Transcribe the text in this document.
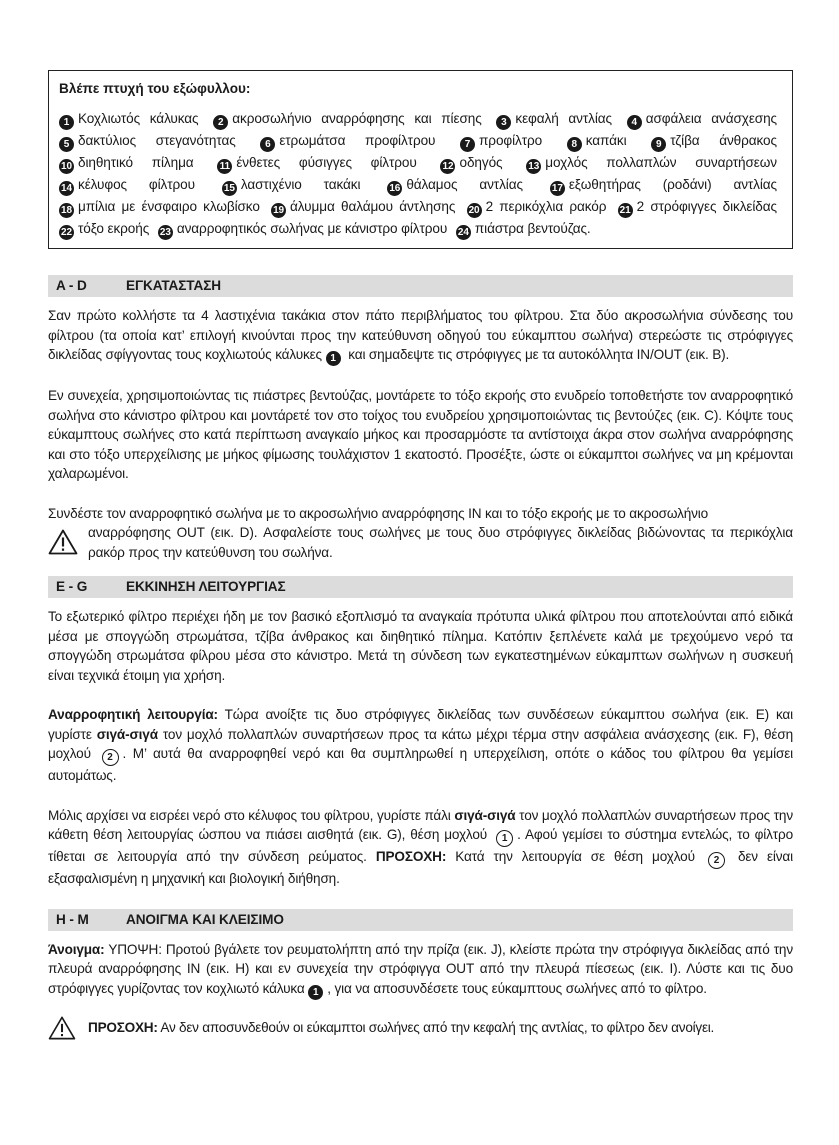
Βλέπε πτυχή του εξώφυλλου:
1 Κοχλιωτός κάλυκας 2 ακροσωλήνιο αναρρόφησης και πίεσης 3 κεφαλή αντλίας 4 ασφάλεια ανάσχεσης 5 δακτύλιος στεγανότητας	6 ετρωμάτσα προφίλτρου	7 προφίλτρο	8 καπάκι	9 τζίβα άνθρακος 10 διηθητικό πίλημα	11 ένθετες φύσιγγες φίλτρου	12 οδηγός	13 μοχλός πολλαπλών συναρτήσεων 14 κέλυφος φίλτρου	15 λαστιχένιο τακάκι	16 θάλαμος αντλίας	17 εξωθητήρας (ροδάνι) αντλίας 18 μπίλια με ένσφαιρο κλωβίσκο 19 άλυμμα θαλάμου άντλησης 20 2 περικόχλια ρακόρ 21 2 στρόφιγγες δικλείδας 22 τόξο εκροής 23 αναρροφητικός σωλήνας με κάνιστρο φίλτρου 24 πιάστρα βεντούζας.
A - D	ΕΓΚΑΤΑΣΤΑΣΗ

Σαν πρώτο κολλήστε τα 4 λαστιχένια τακάκια στον πάτο περιβλήματος του φίλτρου. Στα δύο ακροσωλήνια σύνδεσης του φίλτρου (τα οποία κατ’ επιλογή κινούνται προς την κατεύθυνση οδηγού του εύκαμπτου σωλήνα) στερεώστε τις στρόφιγγες δικλείδας σφίγγοντας τους κοχλιωτούς κάλυκες 1 και σημαδεψτε τις στρόφιγγες με τα αυτοκόλλητα IN/OUT (εικ. B).

Εν συνεχεία, χρησιμοποιώντας τις πιάστρες βεντούζας, μοντάρετε το τόξο εκροής στο ενυδρείο τοποθετήστε τον αναρροφητικό σωλήνα στο κάνιστρο φίλτρου και μοντάρετέ τον στο τοίχος του ενυδρείου χρησιμοποιώντας τις βεντούζες (εικ. C). Κόψτε τους εύκαμπτους σωλήνες στο κατά περίπτωση αναγκαίο μήκος και προσαρμόστε τα αντίστοιχα άκρα στον σωλήνα αναρρόφησης και στο τόξο υπερχείλισης με μήκος φίμωσης τουλάχιστον 1 εκατοστό. Προσέξτε, ώστε οι εύκαμπτοι σωλήνες να μη κρέμονται χαλαρωμένοι.

Συνδέστε τον αναρροφητικό σωλήνα με το ακροσωλήνιο αναρρόφησης IN και το τόξο εκροής με το ακροσωλήνιο

αναρρόφησης OUT (εικ. D). Ασφαλείστε τους σωλήνες με τους δυο στρόφιγγες δικλείδας βιδώνοντας τα περικόχλια ρακόρ προς την κατεύθυνση του σωλήνα.

E - G	ΕΚΚΙΝΗΣΗ ΛΕΙΤΟΥΡΓΙΑΣ

Το εξωτερικό φίλτρο περιέχει ήδη με τον βασικό εξοπλισμό τα αναγκαία πρότυπα υλικά φίλτρου που αποτελούνται από ειδικά μέσα με σπογγώδη στρωμάτσα, τζίβα άνθρακος και διηθητικό πίλημα. Κατόπιν ξεπλένετε καλά με τρεχούμενο νερό τα σπογγώδη στρωμάτσα φίλρου μέσα στο κάνιστρο. Μετά τη σύνδεση των εγκατεστημένων εύκαμπτων σωλήνων η συσκευή είναι τεχνικά έτοιμη για χρήση.

Αναρροφητική λειτουργία: Τώρα ανοίξτε τις δυο στρόφιγγες δικλείδας των συνδέσεων εύκαμπτου σωλήνα (εικ. E) και γυρίστε σιγά-σιγά τον μοχλό πολλαπλών συναρτήσεων προς τα κάτω μέχρι τέρμα στην ασφάλεια ανάσχεσης (εικ. F), θέση μοχλού 2 . Μ’ αυτά θα αναρροφηθεί νερό και θα συμπληρωθεί η υπερχείλιση, οπότε ο κάδος του φίλτρου θα γεμίσει αυτομάτως.

Μόλις αρχίσει να εισρέει νερό στο κέλυφος του φίλτρου, γυρίστε πάλι σιγά-σιγά τον μοχλό πολλαπλών συναρτήσεων προς την κάθετη θέση λειτουργίας ώσπου να πιάσει αισθητά (εικ. G), θέση μοχλού 1 . Αφού γεμίσει το σύστημα εντελώς, το φίλτρο τίθεται σε λειτουργία από την σύνδεση ρεύματος. ΠΡΟΣΟΧΗ: Κατά την λειτουργία σε θέση μοχλού 2 δεν είναι εξασφαλισμένη η μηχανική και βιολογική διήθηση.

H - M	ΑΝΟΙΓΜΑ ΚΑΙ ΚΛΕΙΣΙΜΟ

Άνοιγμα: ΥΠΟΨΗ: Προτού βγάλετε τον ρευματολήπτη από την πρίζα (εικ. J), κλείστε πρώτα την στρόφιγγα δικλείδας από την πλευρά αναρρόφησης IN (εικ. H) και εν συνεχεία την στρόφιγγα OUT από την πλευρά πίεσεως (εικ. I). Λύστε και τις δυο στρόφιγγες γυρίζοντας τον κοχλιωτό κάλυκα 1 , για να αποσυνδέσετε τους εύκαμπτους σωλήνες από το φίλτρο.

ΠΡΟΣΟΧΗ: Αν δεν αποσυνδεθούν οι εύκαμπτοι σωλήνες από την κεφαλή της αντλίας, το φίλτρο δεν ανοίγει.
